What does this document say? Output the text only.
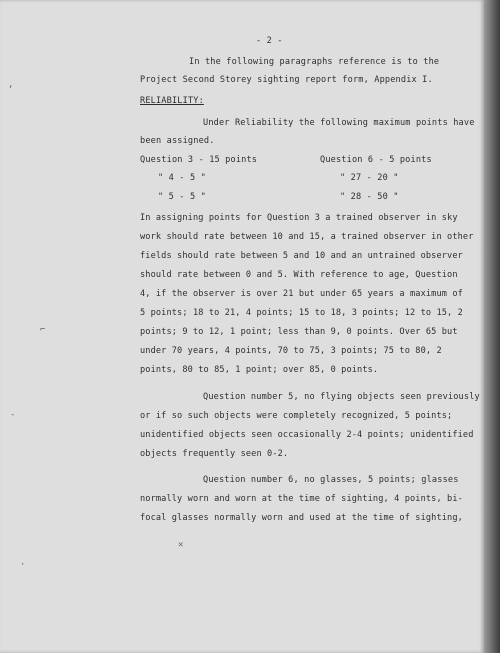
- 2 -
In the following paragraphs reference is to the
Project Second Storey sighting report form, Appendix I.
RELIABILITY:
Under Reliability the following maximum points have
been assigned.
Question 3 - 15 points
" 4 - 5 "
" 5 - 5 "
Question 6 - 5 points
" 27 - 20 "
" 28 - 50 "
In assigning points for Question 3 a trained observer in sky
work should rate between 10 and 15, a trained observer in other
fields should rate between 5 and 10 and an untrained observer
should rate between 0 and 5. With reference to age, Question
4, if the observer is over 21 but under 65 years a maximum of
5 points; 18 to 21, 4 points; 15 to 18, 3 points; 12 to 15, 2
points; 9 to 12, 1 point; less than 9, 0 points. Over 65 but
under 70 years, 4 points, 70 to 75, 3 points; 75 to 80, 2
points, 80 to 85, 1 point; over 85, 0 points.
Question number 5, no flying objects seen previously
or if so such objects were completely recognized, 5 points;
unidentified objects seen occasionally 2-4 points; unidentified
objects frequently seen 0-2.
Question number 6, no glasses, 5 points; glasses
normally worn and worn at the time of sighting, 4 points, bi-
focal glasses normally worn and used at the time of sighting,
,
⌐
·
✕
-
